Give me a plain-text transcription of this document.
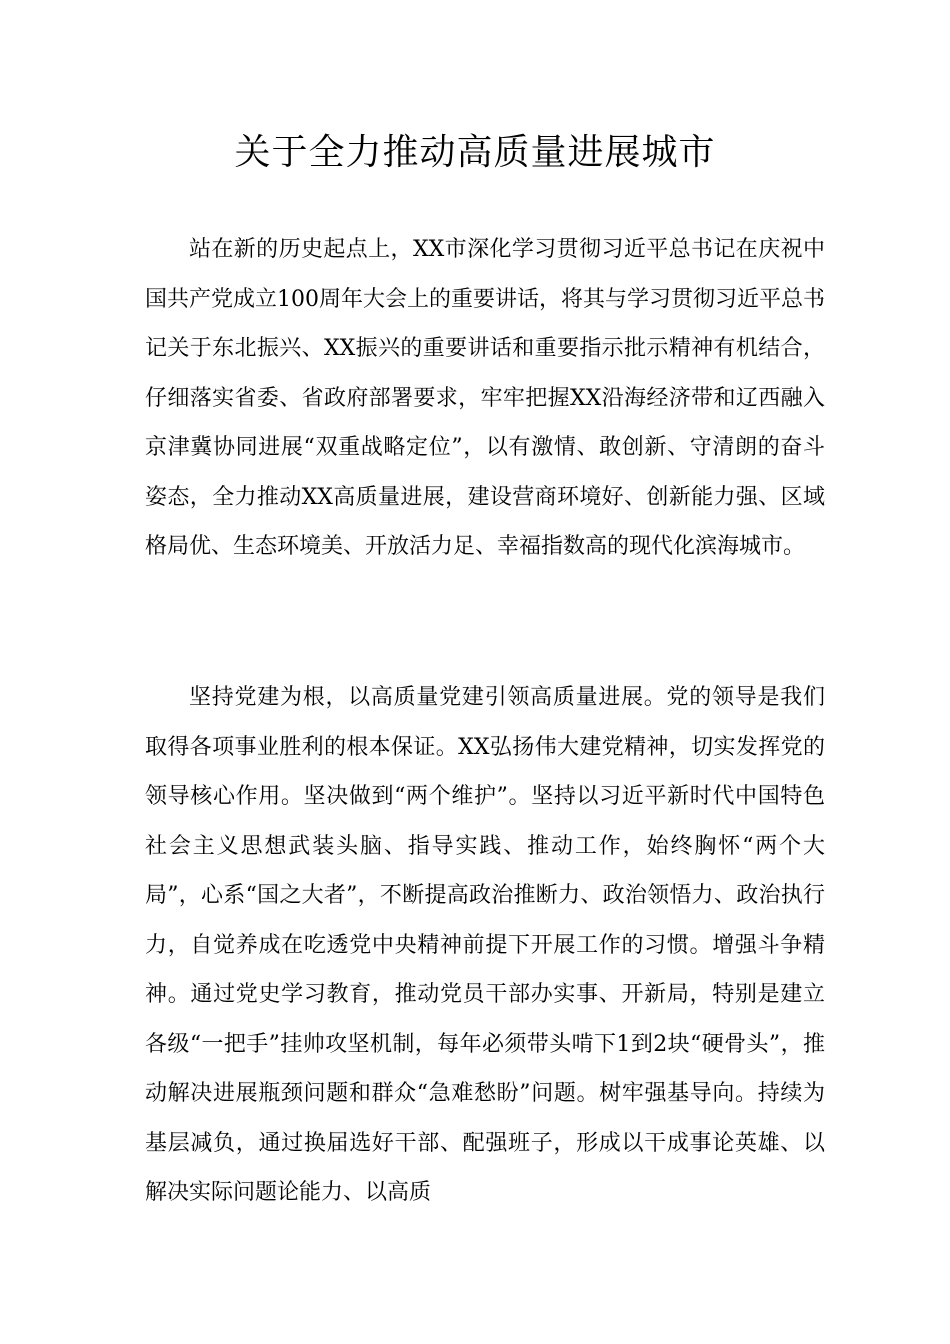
关于全力推动高质量进展城市

站在新的历史起点上，XX市深化学习贯彻习近平总书记在庆祝中国共产党成立100周年大会上的重要讲话，将其与学习贯彻习近平总书记关于东北振兴、XX振兴的重要讲话和重要指示批示精神有机结合，仔细落实省委、省政府部署要求，牢牢把握XX沿海经济带和辽西融入京津冀协同进展“双重战略定位”，以有激情、敢创新、守清朗的奋斗姿态，全力推动XX高质量进展，建设营商环境好、创新能力强、区域格局优、生态环境美、开放活力足、幸福指数高的现代化滨海城市。

坚持党建为根，以高质量党建引领高质量进展。党的领导是我们取得各项事业胜利的根本保证。XX弘扬伟大建党精神，切实发挥党的领导核心作用。坚决做到“两个维护”。坚持以习近平新时代中国特色社会主义思想武装头脑、指导实践、推动工作，始终胸怀“两个大局”，心系“国之大者”，不断提高政治推断力、政治领悟力、政治执行力，自觉养成在吃透党中央精神前提下开展工作的习惯。增强斗争精神。通过党史学习教育，推动党员干部办实事、开新局，特别是建立各级“一把手”挂帅攻坚机制，每年必须带头啃下1到2块“硬骨头”，推动解决进展瓶颈问题和群众“急难愁盼”问题。树牢强基导向。持续为基层减负，通过换届选好干部、配强班子，形成以干成事论英雄、以解决实际问题论能力、以高质
